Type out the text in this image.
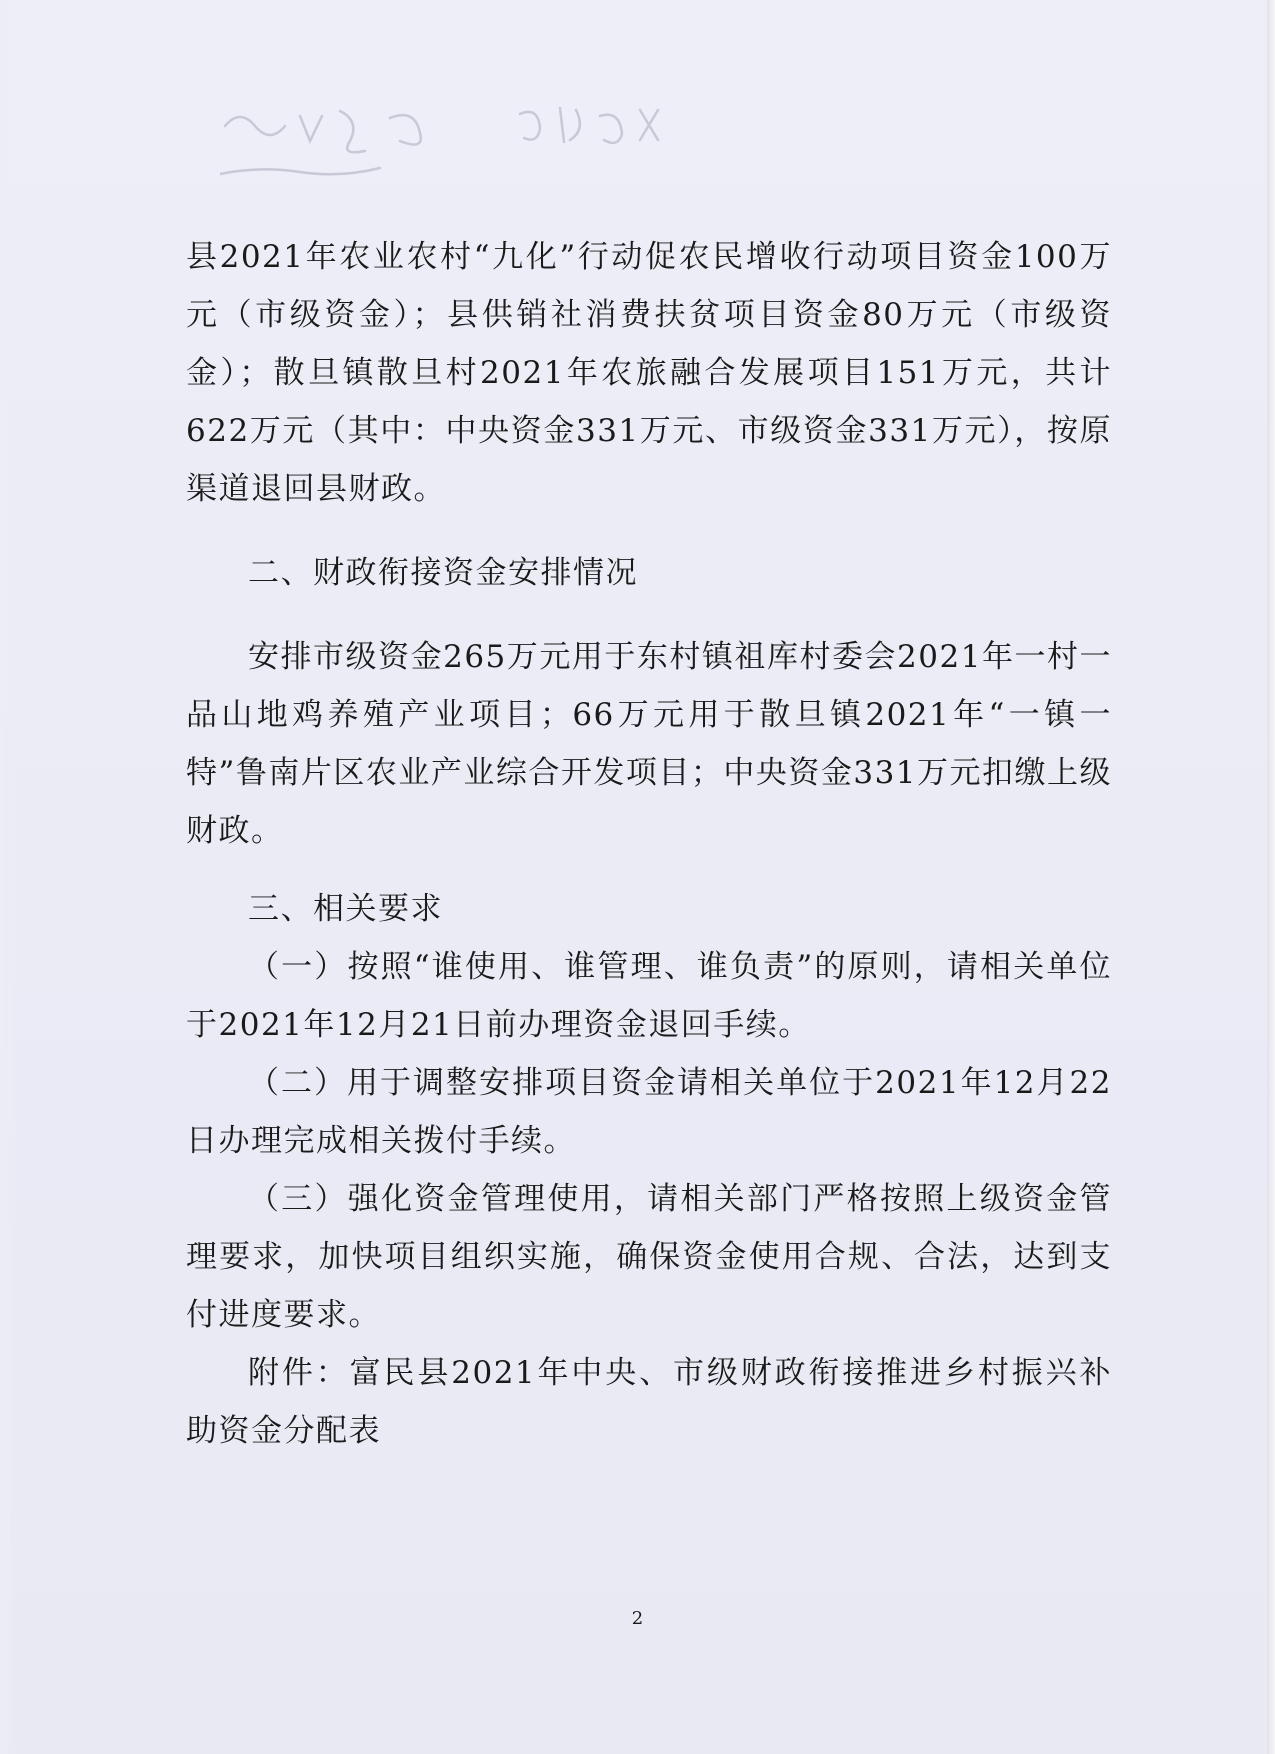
县2021年农业农村“九化”行动促农民增收行动项目资金100万元（市级资金）；县供销社消费扶贫项目资金80万元（市级资金）；散旦镇散旦村2021年农旅融合发展项目151万元，共计622万元（其中：中央资金331万元、市级资金331万元），按原渠道退回县财政。

二、财政衔接资金安排情况

安排市级资金265万元用于东村镇祖库村委会2021年一村一品山地鸡养殖产业项目；66万元用于散旦镇2021年“一镇一特”鲁南片区农业产业综合开发项目；中央资金331万元扣缴上级财政。

三、相关要求

（一）按照“谁使用、谁管理、谁负责”的原则，请相关单位于2021年12月21日前办理资金退回手续。

（二）用于调整安排项目资金请相关单位于2021年12月22日办理完成相关拨付手续。

（三）强化资金管理使用，请相关部门严格按照上级资金管理要求，加快项目组织实施，确保资金使用合规、合法，达到支付进度要求。

附件：富民县2021年中央、市级财政衔接推进乡村振兴补助资金分配表

2
